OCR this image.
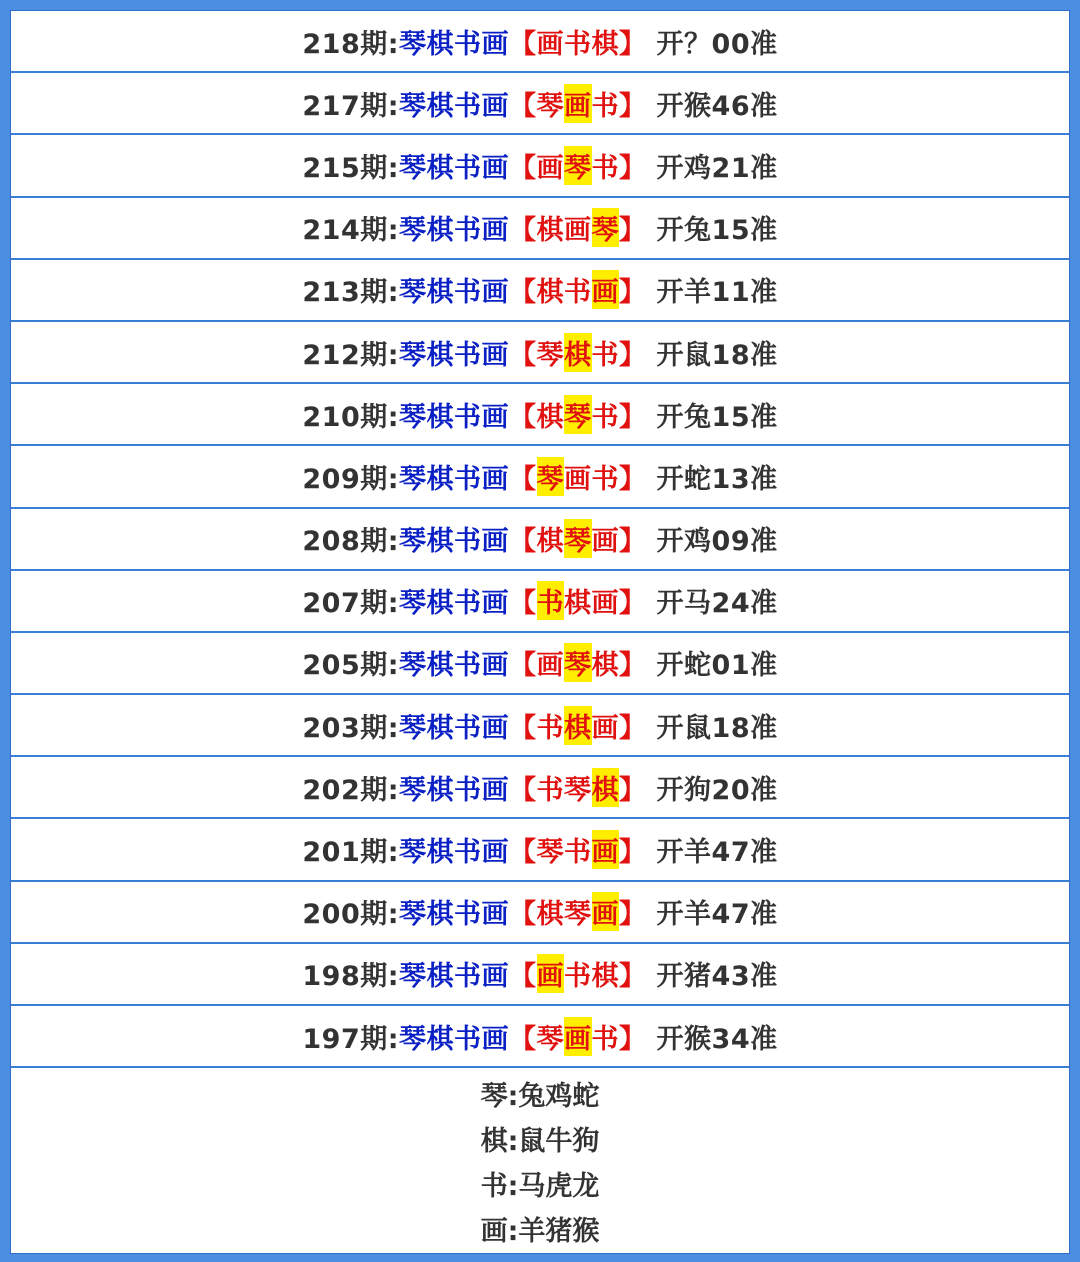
218期: 琴棋书画 【 画 书 棋 】 开？00准
217期: 琴棋书画 【 琴 画 书 】 开猴46准
215期: 琴棋书画 【 画 琴 书 】 开鸡21准
214期: 琴棋书画 【 棋 画 琴 】 开兔15准
213期: 琴棋书画 【 棋 书 画 】 开羊11准
212期: 琴棋书画 【 琴 棋 书 】 开鼠18准
210期: 琴棋书画 【 棋 琴 书 】 开兔15准
209期: 琴棋书画 【 琴 画 书 】 开蛇13准
208期: 琴棋书画 【 棋 琴 画 】 开鸡09准
207期: 琴棋书画 【 书 棋 画 】 开马24准
205期: 琴棋书画 【 画 琴 棋 】 开蛇01准
203期: 琴棋书画 【 书 棋 画 】 开鼠18准
202期: 琴棋书画 【 书 琴 棋 】 开狗20准
201期: 琴棋书画 【 琴 书 画 】 开羊47准
200期: 琴棋书画 【 棋 琴 画 】 开羊47准
198期: 琴棋书画 【 画 书 棋 】 开猪43准
197期: 琴棋书画 【 琴 画 书 】 开猴34准
琴:兔鸡蛇
棋:鼠牛狗
书:马虎龙
画:羊猪猴
